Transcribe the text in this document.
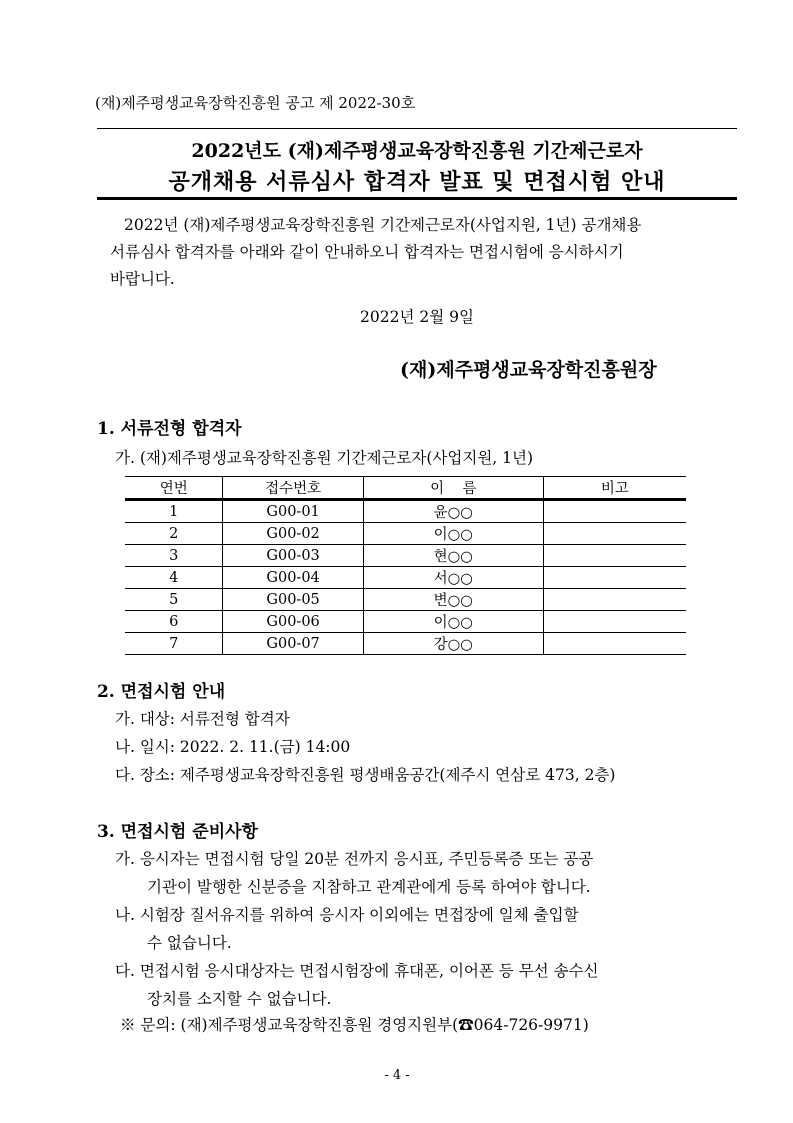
(재)제주평생교육장학진흥원 공고 제 2022-30호
2022년도 (재)제주평생교육장학진흥원 기간제근로자
공개채용 서류심사 합격자 발표 및 면접시험 안내
2022년 (재)제주평생교육장학진흥원 기간제근로자(사업지원, 1년) 공개채용
서류심사 합격자를 아래와 같이 안내하오니 합격자는 면접시험에 응시하시기
바랍니다.
2022년 2월 9일
(재)제주평생교육장학진흥원장
1. 서류전형 합격자
가. (재)제주평생교육장학진흥원 기간제근로자(사업지원, 1년)
연번	접수번호	이    름	비고
1	G00-01	윤○○	
2	G00-02	이○○	
3	G00-03	현○○	
4	G00-04	서○○	
5	G00-05	변○○	
6	G00-06	이○○	
7	G00-07	강○○	
2. 면접시험 안내
가. 대상: 서류전형 합격자
나. 일시: 2022. 2. 11.(금) 14:00
다. 장소: 제주평생교육장학진흥원 평생배움공간(제주시 연삼로 473, 2층)
3. 면접시험 준비사항
가. 응시자는 면접시험 당일 20분 전까지 응시표, 주민등록증 또는 공공
기관이 발행한 신분증을 지참하고 관계관에게 등록 하여야 합니다.
나. 시험장 질서유지를 위하여 응시자 이외에는 면접장에 일체 출입할
수 없습니다.
다. 면접시험 응시대상자는 면접시험장에 휴대폰, 이어폰 등 무선 송수신
장치를 소지할 수 없습니다.
※ 문의: (재)제주평생교육장학진흥원 경영지원부(☎064-726-9971)
- 4 -
